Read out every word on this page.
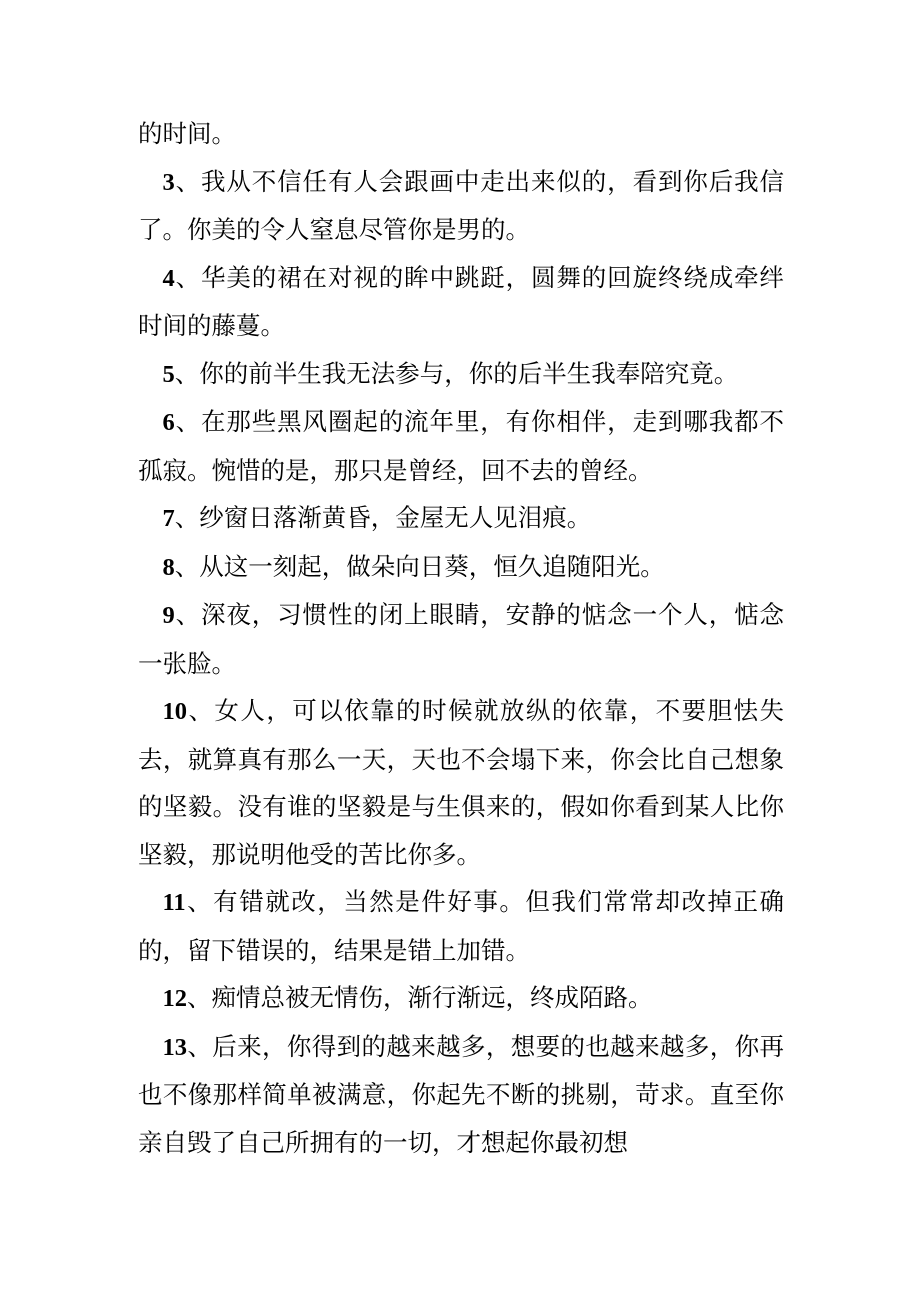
的时间。

3、我从不信任有人会跟画中走出来似的，看到你后我信了。你美的令人窒息尽管你是男的。

4、华美的裙在对视的眸中跳跹，圆舞的回旋终绕成牵绊时间的藤蔓。

5、你的前半生我无法参与，你的后半生我奉陪究竟。

6、在那些黑风圈起的流年里，有你相伴，走到哪我都不孤寂。惋惜的是，那只是曾经，回不去的曾经。

7、纱窗日落渐黄昏，金屋无人见泪痕。

8、从这一刻起，做朵向日葵，恒久追随阳光。

9、深夜，习惯性的闭上眼睛，安静的惦念一个人，惦念一张脸。

10、女人，可以依靠的时候就放纵的依靠，不要胆怯失去，就算真有那么一天，天也不会塌下来，你会比自己想象的坚毅。没有谁的坚毅是与生俱来的，假如你看到某人比你坚毅，那说明他受的苦比你多。

11、有错就改，当然是件好事。但我们常常却改掉正确的，留下错误的，结果是错上加错。

12、痴情总被无情伤，渐行渐远，终成陌路。

13、后来，你得到的越来越多，想要的也越来越多，你再也不像那样简单被满意，你起先不断的挑剔，苛求。直至你亲自毁了自己所拥有的一切，才想起你最初想
